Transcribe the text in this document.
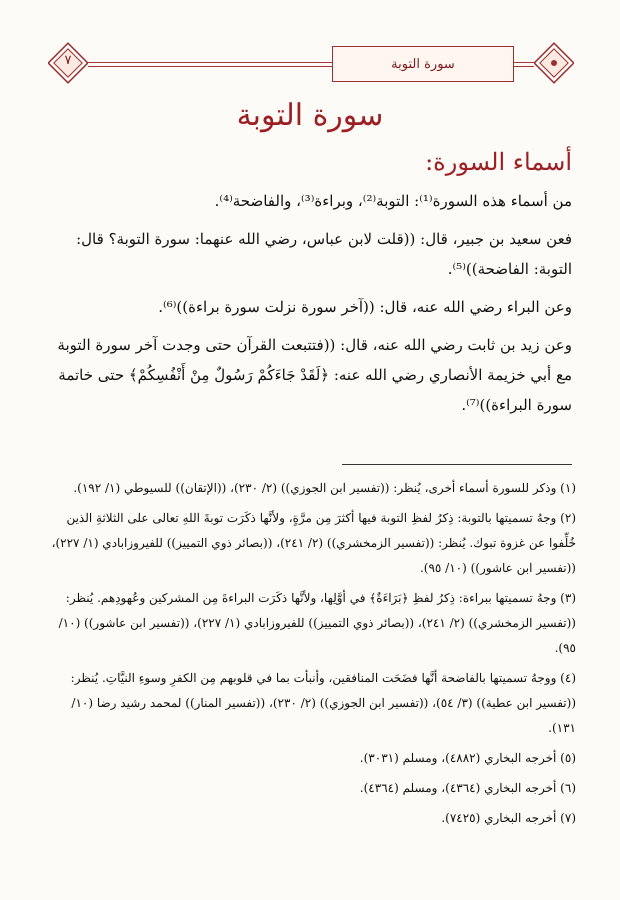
٧	سورة التوبة
سورة التوبة
أسماء السورة:

من أسماء هذه السورة⁽¹⁾: التوبة⁽²⁾، وبراءة⁽³⁾، والفاضحة⁽⁴⁾.

فعن سعيد بن جبير، قال: ((قلت لابن عباس، رضي الله عنهما: سورة التوبة؟ قال: التوبة: الفاضحة))⁽⁵⁾.

وعن البراء رضي الله عنه، قال: ((آخر سورة نزلت سورة براءة))⁽⁶⁾.

وعن زيد بن ثابت رضي الله عنه، قال: ((فتتبعت القرآن حتى وجدت آخر سورة التوبة مع أبي خزيمة الأنصاري رضي الله عنه: ﴿لَقَدْ جَاءَكُمْ رَسُولٌ مِنْ أَنْفُسِكُمْ﴾ حتى خاتمة سورة البراءة))⁽⁷⁾.

(١) وذكر للسورة أسماء أخرى، يُنظر: ((تفسير ابن الجوزي)) (٢/ ٢٣٠)، ((الإتقان)) للسيوطي (١/ ١٩٢).

(٢) وجهُ تسميتها بالتوبة: ذِكرُ لفظِ التوبة فيها أكثرَ مِن مرَّةٍ، ولأنَّها ذكَرَت توبةَ اللهِ تعالى على الثلاثةِ الذين خُلِّفوا عن غزوة تبوك. يُنظر: ((تفسير الزمخشري)) (٢/ ٢٤١)، ((بصائر ذوي التمييز)) للفيروزابادي (١/ ٢٢٧)، ((تفسير ابن عاشور)) (١٠/ ٩٥).

(٣) وجهُ تسميتها ببراءة: ذِكرُ لفظِ ﴿بَرَاءَةٌ﴾ في أوَّلِها، ولأنَّها ذكَرَت البراءةَ مِن المشركين وعُهودِهم. يُنظر: ((تفسير الزمخشري)) (٢/ ٢٤١)، ((بصائر ذوي التمييز)) للفيروزابادي (١/ ٢٢٧)، ((تفسير ابن عاشور)) (١٠/ ٩٥).

(٤) ووجهُ تسميتها بالفاضحة أنَّها فضَحَت المنافقين، وأنبأت بما في قلوبهم مِن الكفرِ وسوءِ النيَّاتِ. يُنظر: ((تفسير ابن عطية)) (٣/ ٥٤)، ((تفسير ابن الجوزي)) (٢/ ٢٣٠)، ((تفسير المنار)) لمحمد رشيد رضا (١٠/ ١٣١).

(٥) أخرجه البخاري (٤٨٨٢)، ومسلم (٣٠٣١).

(٦) أخرجه البخاري (٤٣٦٤)، ومسلم (٤٣٦٤).

(٧) أخرجه البخاري (٧٤٢٥).
